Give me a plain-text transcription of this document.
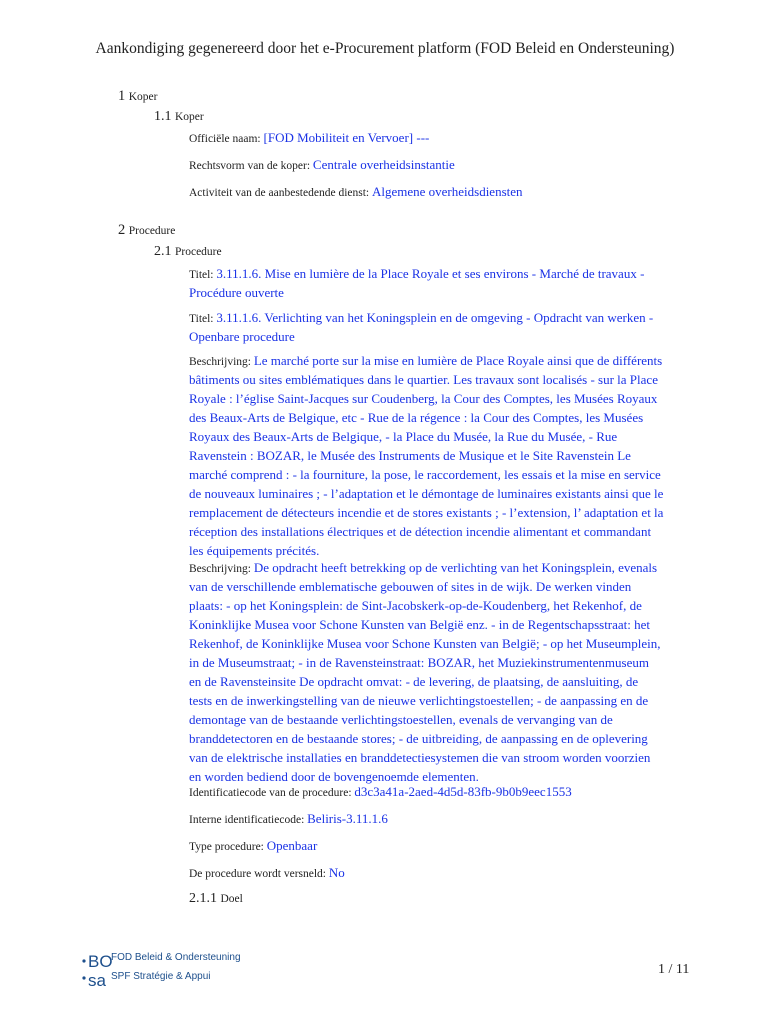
Aankondiging gegenereerd door het e-Procurement platform (FOD Beleid en Ondersteuning)
1 Koper
1.1 Koper
Officiële naam: [FOD Mobiliteit en Vervoer] ---
Rechtsvorm van de koper: Centrale overheidsinstantie
Activiteit van de aanbestedende dienst: Algemene overheidsdiensten
2 Procedure
2.1 Procedure
Titel: 3.11.1.6. Mise en lumière de la Place Royale et ses environs - Marché de travaux - Procédure ouverte
Titel: 3.11.1.6. Verlichting van het Koningsplein en de omgeving - Opdracht van werken - Openbare procedure
Beschrijving: Le marché porte sur la mise en lumière de Place Royale ainsi que de différents bâtiments ou sites emblématiques dans le quartier. Les travaux sont localisés - sur la Place Royale : l’église Saint-Jacques sur Coudenberg, la Cour des Comptes, les Musées Royaux des Beaux-Arts de Belgique, etc - Rue de la régence : la Cour des Comptes, les Musées Royaux des Beaux-Arts de Belgique, - la Place du Musée, la Rue du Musée, - Rue Ravenstein : BOZAR, le Musée des Instruments de Musique et le Site Ravenstein Le marché comprend : - la fourniture, la pose, le raccordement, les essais et la mise en service de nouveaux luminaires ; - l’adaptation et le démontage de luminaires existants ainsi que le remplacement de détecteurs incendie et de stores existants ; - l’extension, l’ adaptation et la réception des installations électriques et de détection incendie alimentant et commandant les équipements précités.
Beschrijving: De opdracht heeft betrekking op de verlichting van het Koningsplein, evenals van de verschillende emblematische gebouwen of sites in de wijk. De werken vinden plaats: - op het Koningsplein: de Sint-Jacobskerk-op-de-Koudenberg, het Rekenhof, de Koninklijke Musea voor Schone Kunsten van België enz. - in de Regentschapsstraat: het Rekenhof, de Koninklijke Musea voor Schone Kunsten van België; - op het Museumplein, in de Museumstraat; - in de Ravensteinstraat: BOZAR, het Muziekinstrumentenmuseum en de Ravensteinsite De opdracht omvat: - de levering, de plaatsing, de aansluiting, de tests en de inwerkingstelling van de nieuwe verlichtingstoestellen; - de aanpassing en de demontage van de bestaande verlichtingstoestellen, evenals de vervanging van de branddetectoren en de bestaande stores; - de uitbreiding, de aanpassing en de oplevering van de elektrische installaties en branddetectiesystemen die van stroom worden voorzien en worden bediend door de bovengenoemde elementen.
Identificatiecode van de procedure: d3c3a41a-2aed-4d5d-83fb-9b0b9eec1553
Interne identificatiecode: Beliris-3.11.1.6
Type procedure: Openbaar
De procedure wordt versneld: No
2.1.1 Doel
BO
sa
FOD Beleid & Ondersteuning
SPF Stratégie & Appui	1 / 11
